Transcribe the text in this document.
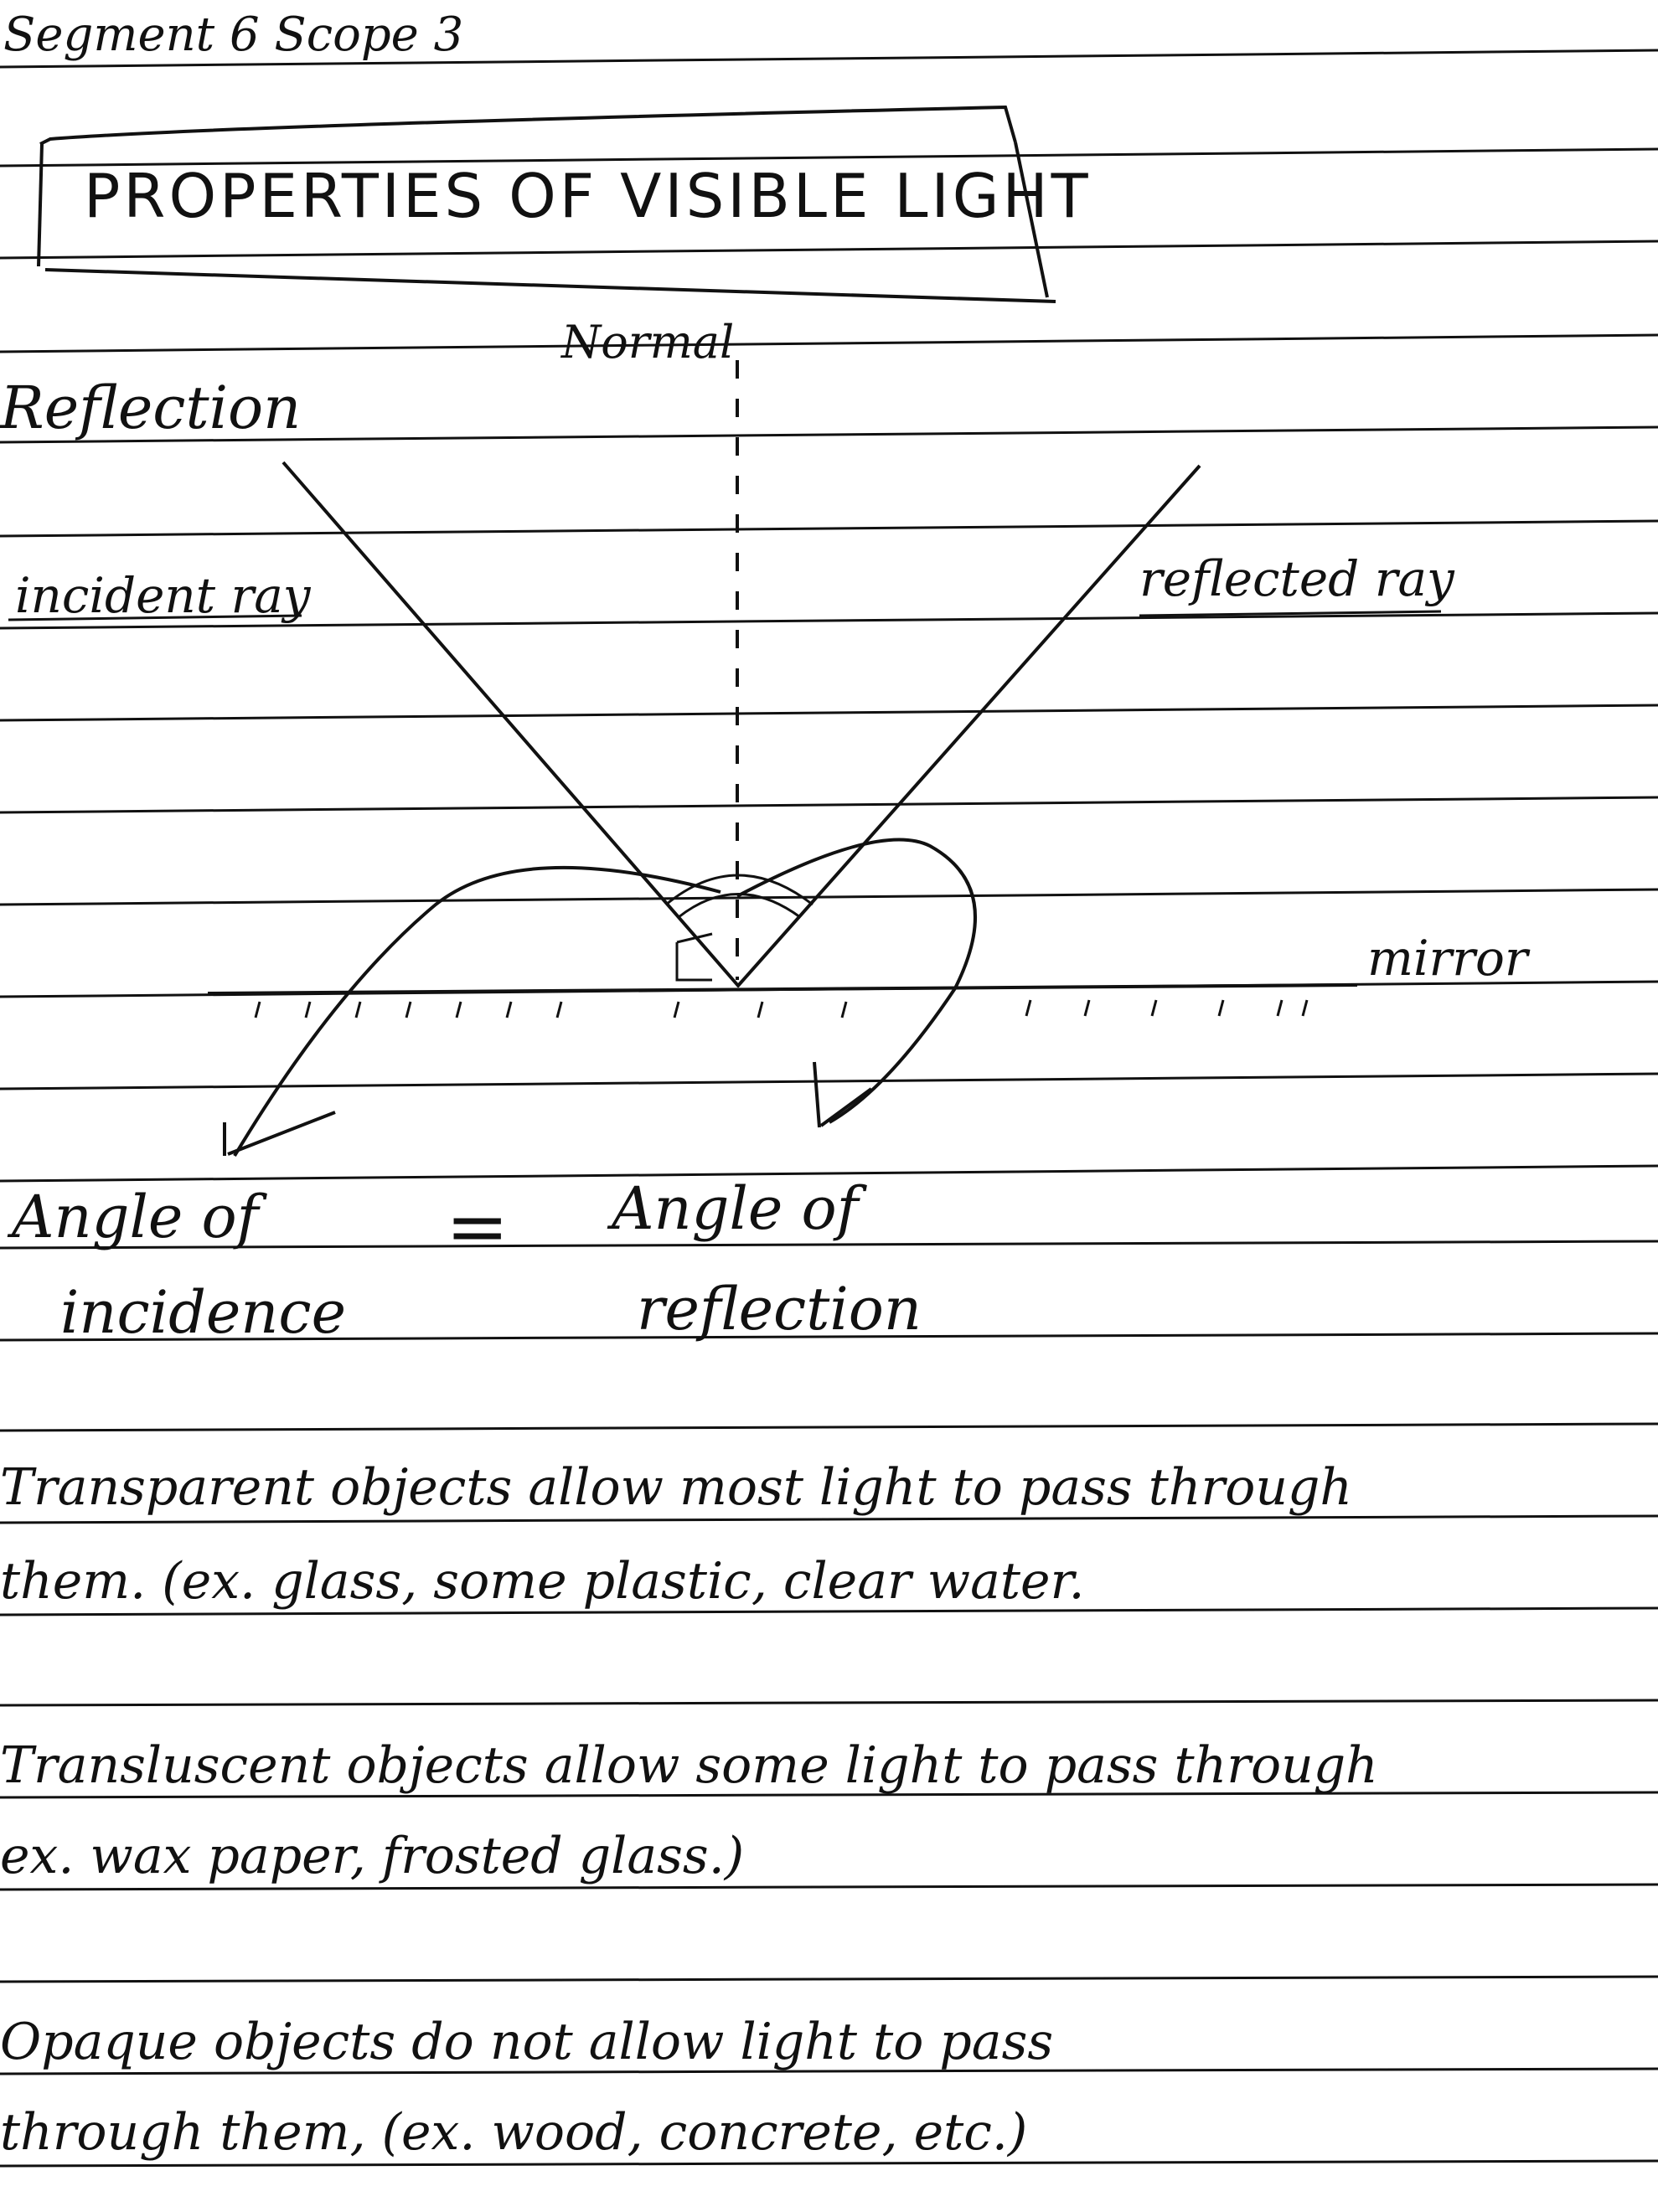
Segment 6 Scope 3
PROPERTIES OF VISIBLE LIGHT
Normal
Reflection
incident ray	reflected ray
mirror
Angle of
incidence
= Angle of
reflection
Transparent objects allow most light to pass through
them. (ex. glass, some plastic, clear water.
Transluscent objects allow some light to pass through
ex. wax paper, frosted glass.)
Opaque objects do not allow light to pass
through them, (ex. wood, concrete, etc.)
